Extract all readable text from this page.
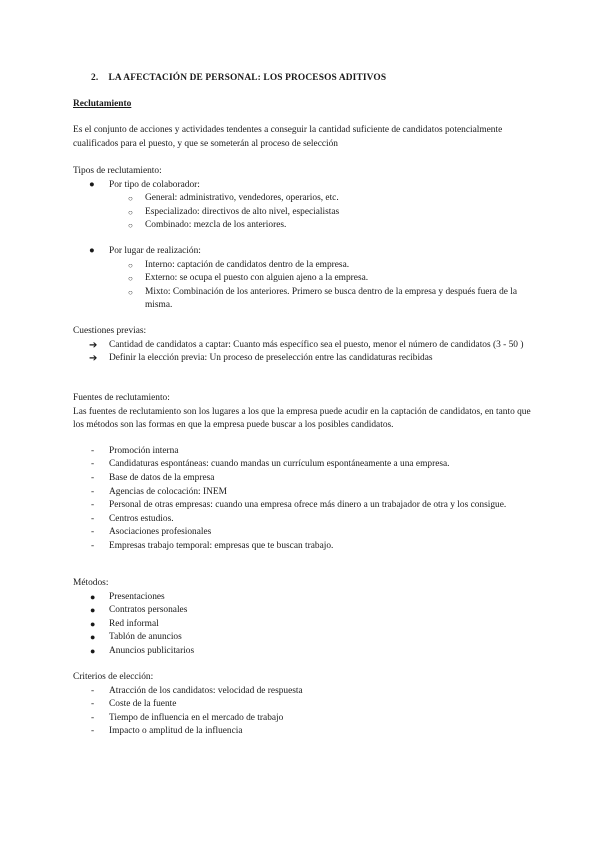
2. LA AFECTACIÓN DE PERSONAL: LOS PROCESOS ADITIVOS
Reclutamiento
Es el conjunto de acciones y actividades tendentes a conseguir la cantidad suficiente de candidatos potencialmente cualificados para el puesto, y que se someterán al proceso de selección
Tipos de reclutamiento:
● Por tipo de colaborador:
○ General: administrativo, vendedores, operarios, etc.
○ Especializado: directivos de alto nivel, especialistas
○ Combinado: mezcla de los anteriores.
● Por lugar de realización:
○ Interno: captación de candidatos dentro de la empresa.
○ Externo: se ocupa el puesto con alguien ajeno a la empresa.
○ Mixto: Combinación de los anteriores. Primero se busca dentro de la empresa y después fuera de la misma.
Cuestiones previas:
➔ Cantidad de candidatos a captar: Cuanto más específico sea el puesto, menor el número de candidatos (3 - 50 )
➔ Definir la elección previa: Un proceso de preselección entre las candidaturas recibidas
Fuentes de reclutamiento:
Las fuentes de reclutamiento son los lugares a los que la empresa puede acudir en la captación de candidatos, en tanto que los métodos son las formas en que la empresa puede buscar a los posibles candidatos.
- Promoción interna
- Candidaturas espontáneas: cuando mandas un currículum espontáneamente a una empresa.
- Base de datos de la empresa
- Agencias de colocación: INEM
- Personal de otras empresas: cuando una empresa ofrece más dinero a un trabajador de otra y los consigue.
- Centros estudios.
- Asociaciones profesionales
- Empresas trabajo temporal: empresas que te buscan trabajo.
Métodos:
● Presentaciones
● Contratos personales
● Red informal
● Tablón de anuncios
● Anuncios publicitarios
Criterios de elección:
- Atracción de los candidatos: velocidad de respuesta
- Coste de la fuente
- Tiempo de influencia en el mercado de trabajo
- Impacto o amplitud de la influencia
